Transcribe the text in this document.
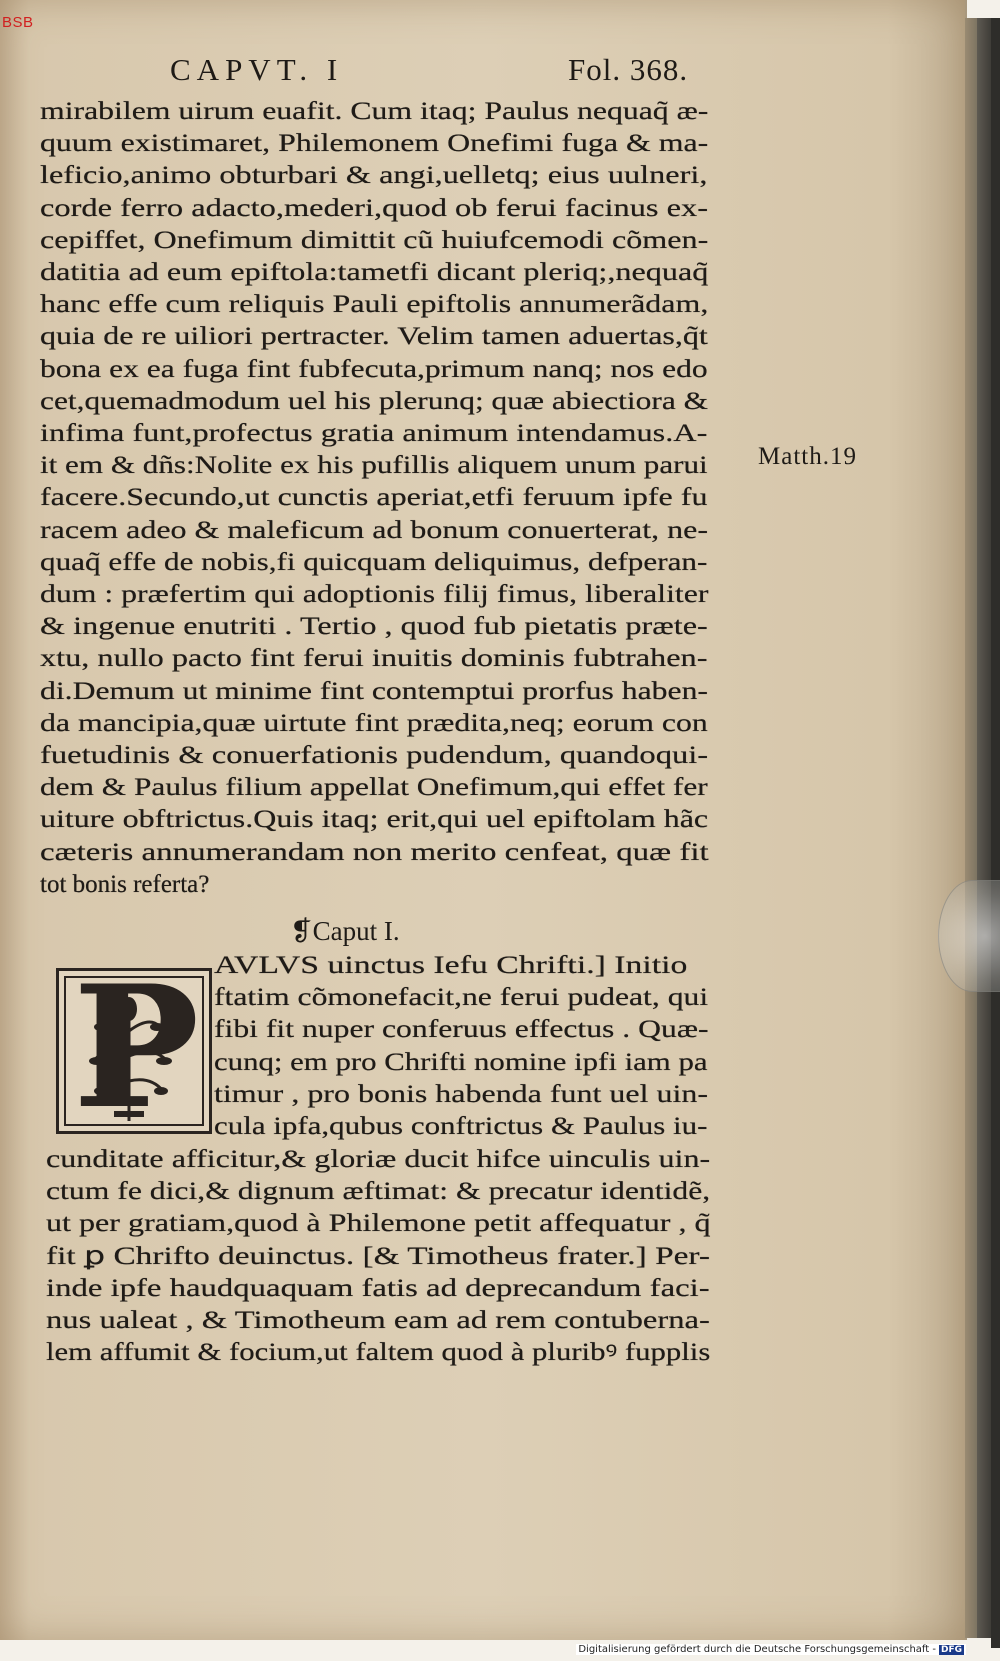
BSB
CAPVT. I	Fol. 368.
mirabilem uirum euafit. Cum itaq; Paulus nequaq̃ æ-
quum existimaret, Philemonem Onefimi fuga & ma-
leficio,animo obturbari & angi,uelletq; eius uulneri,
corde ferro adacto,mederi,quod ob ferui facinus ex-
cepiffet, Onefimum dimittit cũ huiufcemodi cõmen-
datitia ad eum epiftola:tametfi dicant pleriq;,nequaq̃
hanc effe cum reliquis Pauli epiftolis annumerãdam,
quia de re uiliori pertracter. Velim tamen aduertas,q̃t
bona ex ea fuga fint fubfecuta,primum nanq; nos edo
cet,quemadmodum uel his plerunq; quæ abiectiora &
infima funt,profectus gratia animum intendamus.A-
it em & dñs:Nolite ex his pufillis aliquem unum parui
facere.Secundo,ut cunctis aperiat,etfi feruum ipfe fu
racem adeo & maleficum ad bonum conuerterat, ne-
quaq̃ effe de nobis,fi quicquam deliquimus, defperan-
dum : præfertim qui adoptionis filij fimus, liberaliter
& ingenue enutriti . Tertio , quod fub pietatis præte-
xtu, nullo pacto fint ferui inuitis dominis fubtrahen-
di.Demum ut minime fint contemptui prorfus haben-
da mancipia,quæ uirtute fint prædita,neq; eorum con
fuetudinis & conuerfationis pudendum, quandoqui-
dem & Paulus filium appellat Onefimum,qui effet fer
uiture obftrictus.Quis itaq; erit,qui uel epiftolam hãc
cæteris annumerandam non merito cenfeat, quæ fit
tot bonis referta?
AVLVS uinctus Iefu Chrifti.] Initio
ftatim cõmonefacit,ne ferui pudeat, qui
fibi fit nuper conferuus effectus . Quæ-
cunq; em pro Chrifti nomine ipfi iam pa
timur , pro bonis habenda funt uel uin-
cula ipfa,qubus conftrictus & Paulus iu-
cunditate afficitur,& gloriæ ducit hifce uinculis uin-
ctum fe dici,& dignum æftimat: & precatur identidẽ,
ut per gratiam,quod à Philemone petit affequatur , q̃
fit ꝑ Chrifto deuinctus. [& Timotheus frater.] Per-
inde ipfe haudquaquam fatis ad deprecandum faci-
nus ualeat , & Timotheum eam ad rem contuberna-
lem affumit & focium,ut faltem quod à pluribꝰ fupplis
Matth.19
❡Caput I.
P
Digitalisierung gefördert durch die Deutsche Forschungsgemeinschaft - DFG
